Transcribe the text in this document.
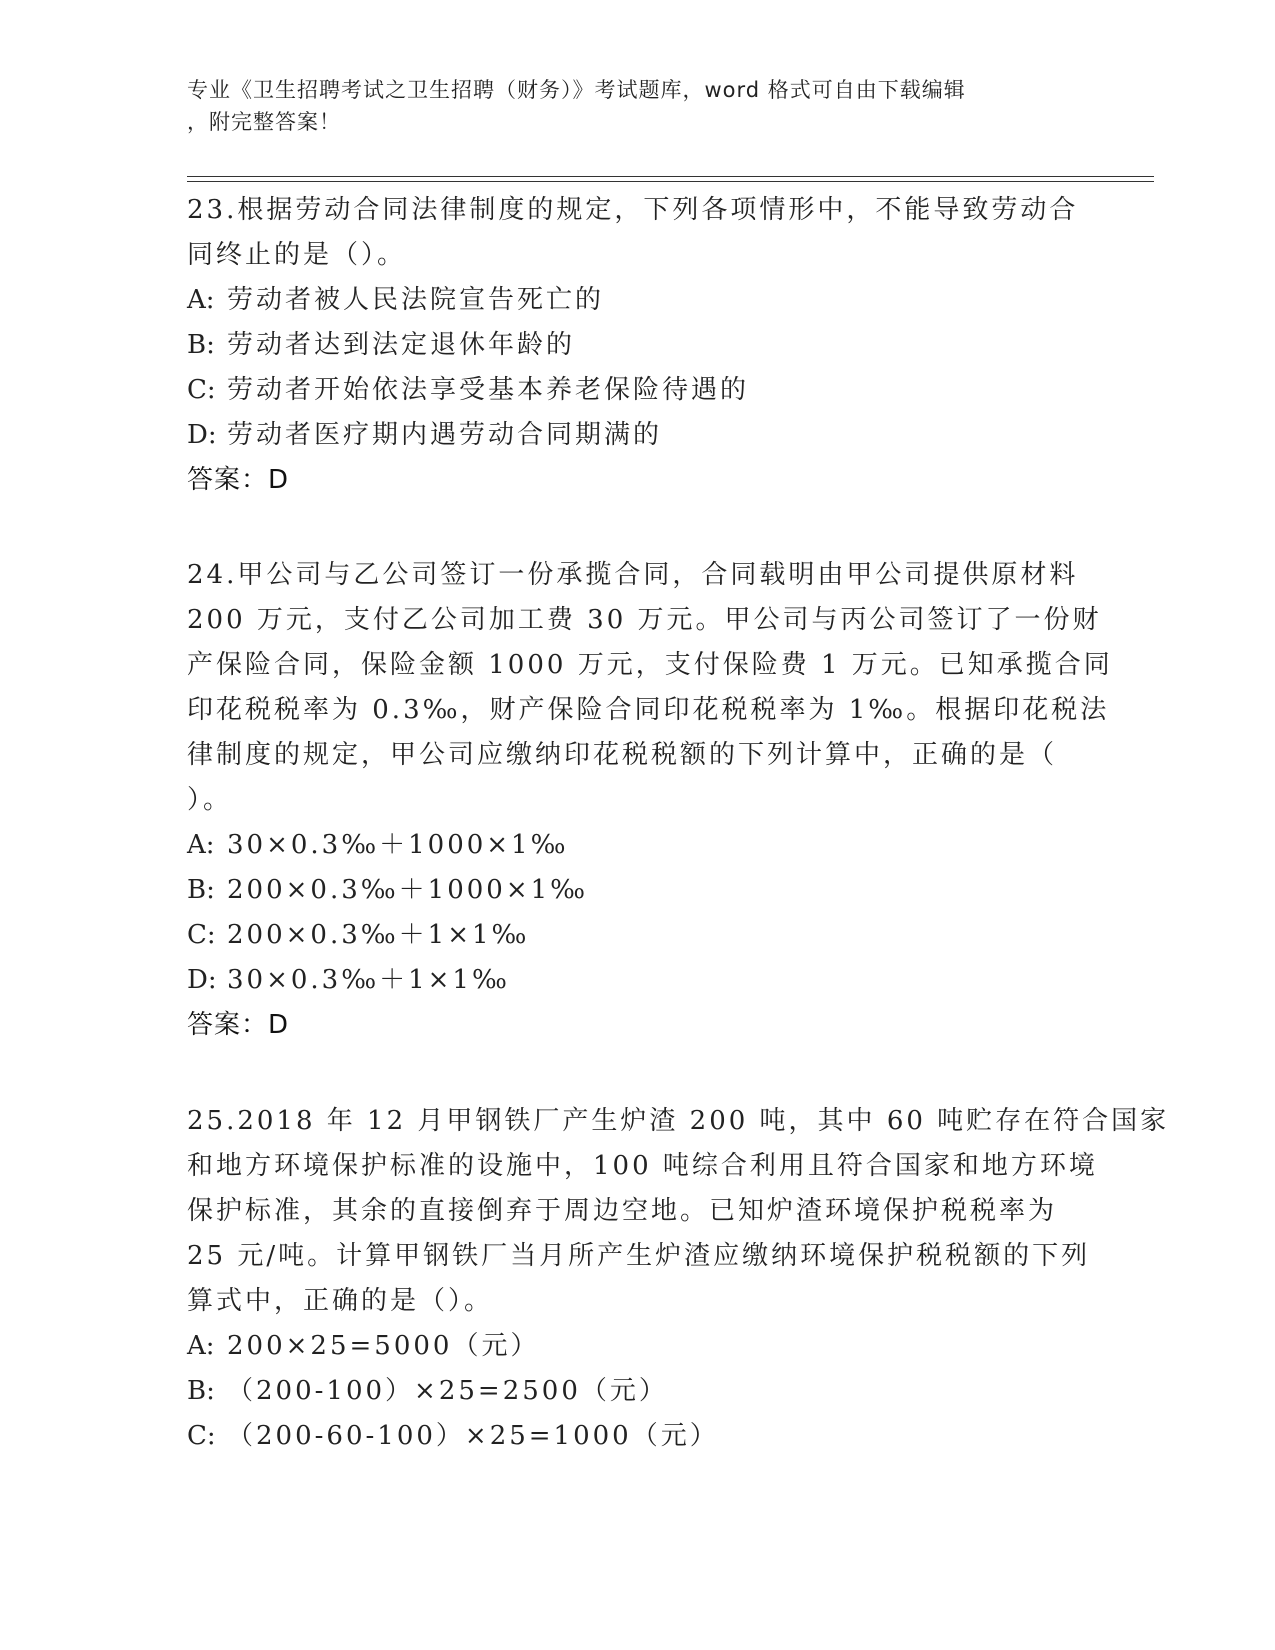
专业《卫生招聘考试之卫生招聘（财务）》考试题库，word 格式可自由下载编辑
，附完整答案！
23.根据劳动合同法律制度的规定，下列各项情形中，不能导致劳动合
同终止的是（）。
A: 劳动者被人民法院宣告死亡的
B: 劳动者达到法定退休年龄的
C: 劳动者开始依法享受基本养老保险待遇的
D: 劳动者医疗期内遇劳动合同期满的
答案：D
24.甲公司与乙公司签订一份承揽合同，合同载明由甲公司提供原材料
200 万元，支付乙公司加工费 30 万元。甲公司与丙公司签订了一份财
产保险合同，保险金额 1000 万元，支付保险费 1 万元。已知承揽合同
印花税税率为 0.3‰，财产保险合同印花税税率为 1‰。根据印花税法
律制度的规定，甲公司应缴纳印花税税额的下列计算中，正确的是（
）。
A: 30×0.3‰＋1000×1‰
B: 200×0.3‰＋1000×1‰
C: 200×0.3‰＋1×1‰
D: 30×0.3‰＋1×1‰
答案：D
25.2018 年 12 月甲钢铁厂产生炉渣 200 吨，其中 60 吨贮存在符合国家
和地方环境保护标准的设施中，100 吨综合利用且符合国家和地方环境
保护标准，其余的直接倒弃于周边空地。已知炉渣环境保护税税率为
25 元/吨。计算甲钢铁厂当月所产生炉渣应缴纳环境保护税税额的下列
算式中，正确的是（）。
A: 200×25=5000（元）
B: （200-100）×25=2500（元）
C: （200-60-100）×25=1000（元）
